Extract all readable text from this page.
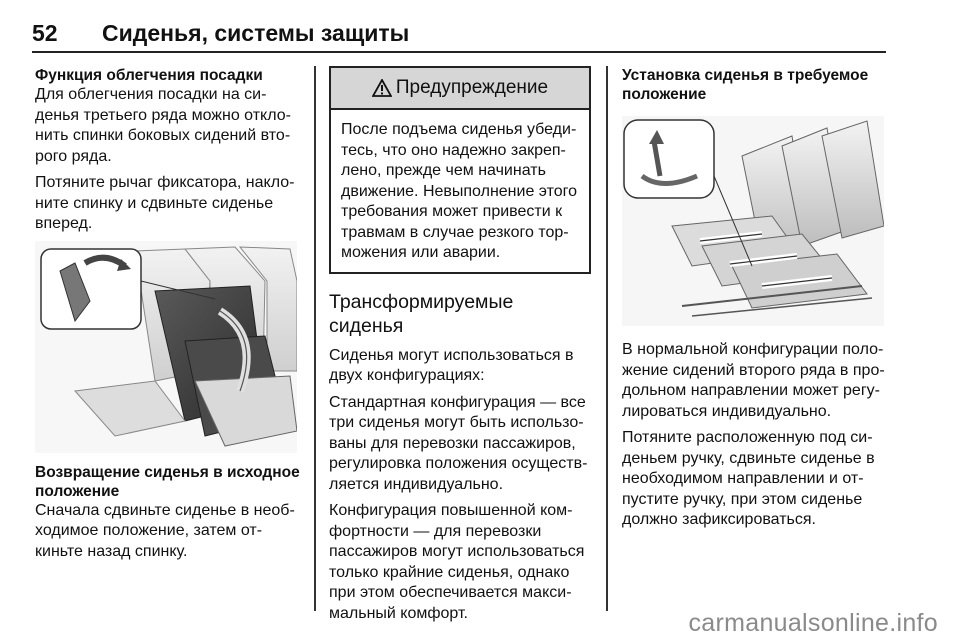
52 Сиденья, системы защиты
Функция облегчения посадки

Для облегчения посадки на сиденья третьего ряда можно отклонить спинки боковых сидений второго ряда.

Потяните рычаг фиксатора, наклоните спинку и сдвиньте сиденье вперед.

Возвращение сиденья в исходное положение

Сначала сдвиньте сиденье в необходимое положение, затем откиньте назад спинку.

Предупреждение
После подъема сиденья убедитесь, что оно надежно закреплено, прежде чем начинать движение. Невыполнение этого требования может привести к травмам в случае резкого торможения или аварии.
Трансформируемые сиденья

Сиденья могут использоваться в двух конфигурациях:

Стандартная конфигурация — все три сиденья могут быть использованы для перевозки пассажиров, регулировка положения осуществляется индивидуально.

Конфигурация повышенной комфортности — для перевозки пассажиров могут использоваться только крайние сиденья, однако при этом обеспечивается максимальный комфорт.

Установка сиденья в требуемое положение

В нормальной конфигурации положение сидений второго ряда в продольном направлении может регулироваться индивидуально.

Потяните расположенную под сиденьем ручку, сдвиньте сиденье в необходимом направлении и отпустите ручку, при этом сиденье должно зафиксироваться.

carmanualsonline.info
